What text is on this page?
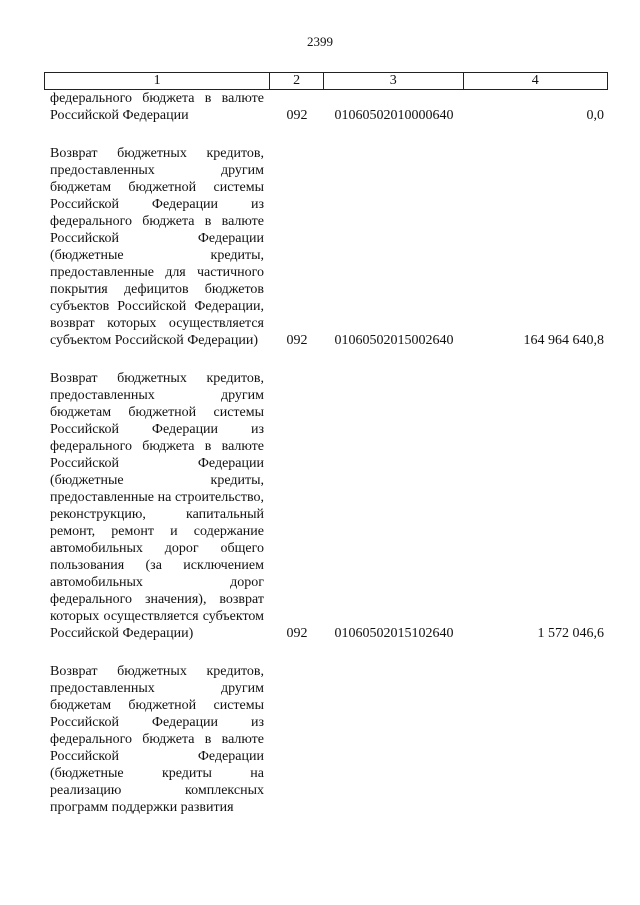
2399
1	2	3	4
федерального бюджета в валюте Российской Федерации	092	01060502010000640	0,0
Возврат бюджетных кредитов, предоставленных другим бюджетам бюджетной системы Российской Федерации из федерального бюджета в валюте Российской Федерации (бюджетные кредиты, предоставленные для частичного покрытия дефицитов бюджетов субъектов Российской Федерации, возврат которых осуществляется субъектом Российской Федерации)	092	01060502015002640	164 964 640,8
Возврат бюджетных кредитов, предоставленных другим бюджетам бюджетной системы Российской Федерации из федерального бюджета в валюте Российской Федерации (бюджетные кредиты, предоставленные на строительство, реконструкцию, капитальный ремонт, ремонт и содержание автомобильных дорог общего пользования (за исключением автомобильных дорог федерального значения), возврат которых осуществляется субъектом Российской Федерации)	092	01060502015102640	1 572 046,6
Возврат бюджетных кредитов, предоставленных другим бюджетам бюджетной системы Российской Федерации из федерального бюджета в валюте Российской Федерации (бюджетные кредиты на реализацию комплексных программ поддержки развития
